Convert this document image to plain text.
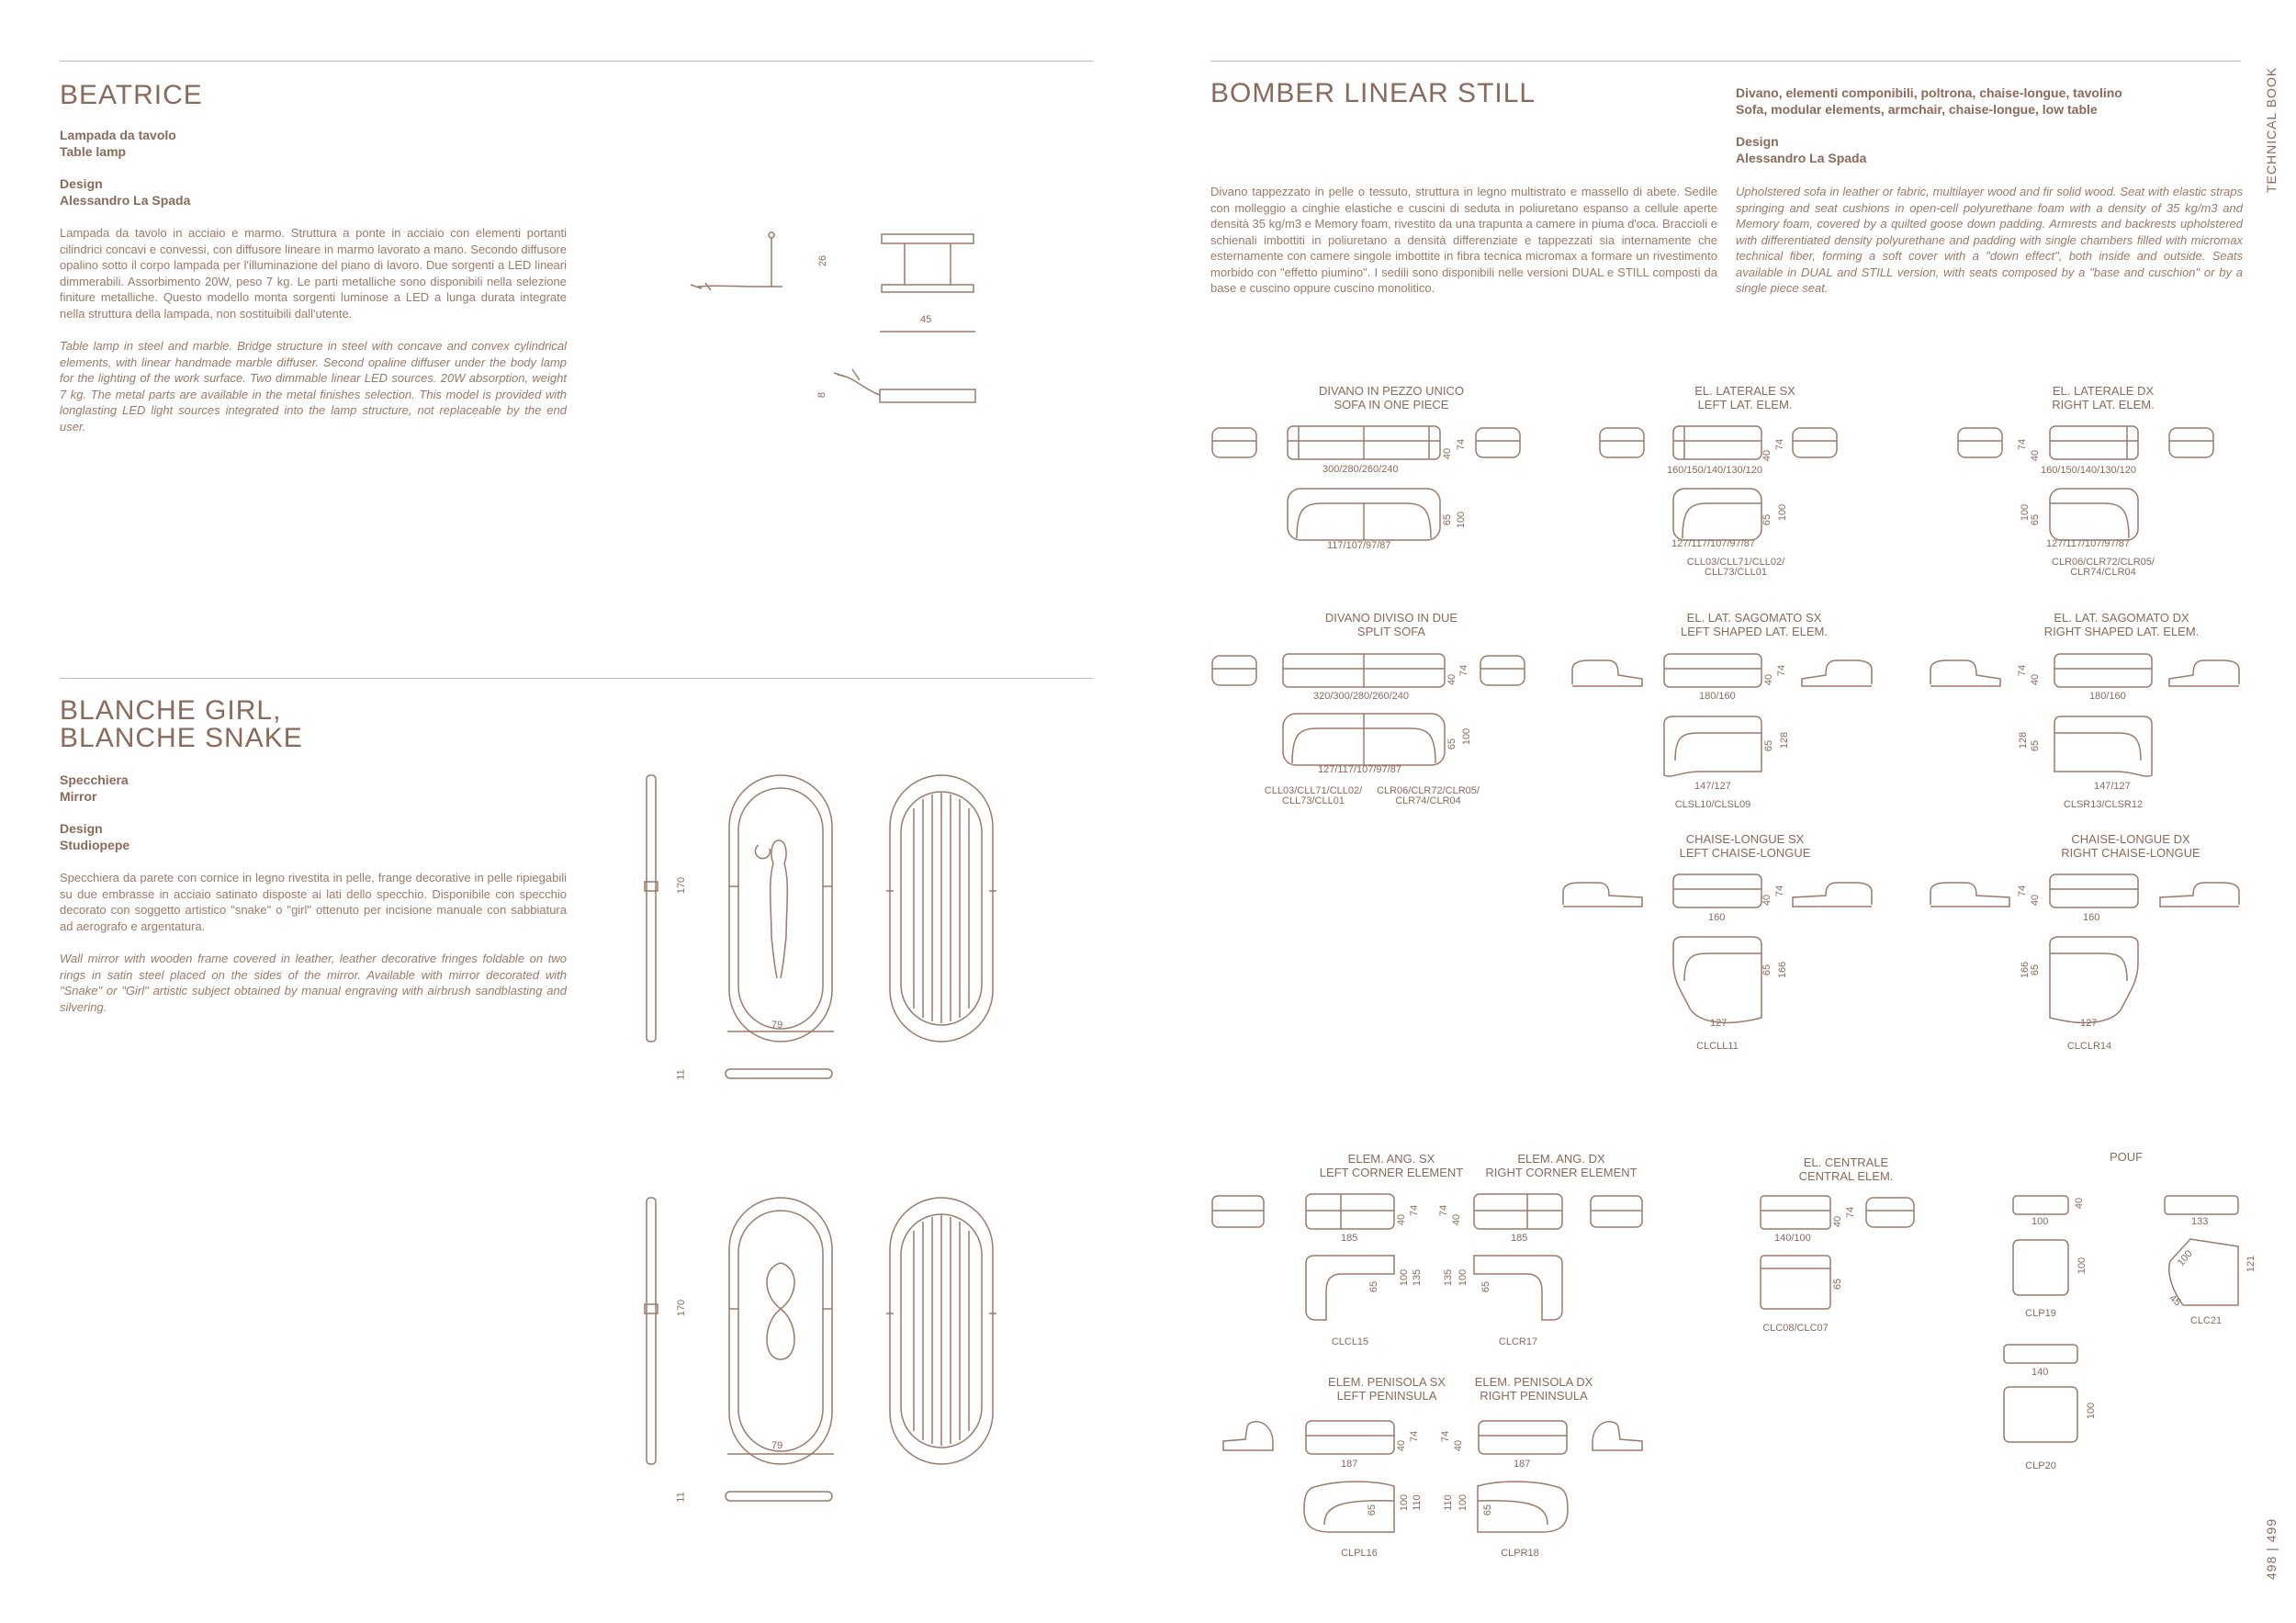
TECHNICAL BOOK
498 | 499
BEATRICE
Lampada da tavolo
Table lamp
Design
Alessandro La Spada
Lampada da tavolo in acciaio e marmo. Struttura a ponte in acciaio con elementi portanti cilindrici concavi e convessi, con diffusore lineare in marmo lavorato a mano. Secondo diffusore opalino sotto il corpo lampada per l'illuminazione del piano di lavoro. Due sorgenti a LED lineari dimmerabili. Assorbimento 20W, peso 7 kg. Le parti metalliche sono disponibili nella selezione finiture metalliche. Questo modello monta sorgenti luminose a LED a lunga durata integrate nella struttura della lampada, non sostituibili dall'utente.
Table lamp in steel and marble. Bridge structure in steel with concave and convex cylindrical elements, with linear handmade marble diffuser. Second opaline diffuser under the body lamp for the lighting of the work surface. Two dimmable linear LED sources. 20W absorption, weight 7 kg. The metal parts are available in the metal finishes selection. This model is provided with longlasting LED light sources integrated into the lamp structure, not replaceable by the end user.
26
45
8
BLANCHE GIRL,
BLANCHE SNAKE
Specchiera
Mirror
Design
Studiopepe
Specchiera da parete con cornice in legno rivestita in pelle, frange decorative in pelle ripiegabili su due embrasse in acciaio satinato disposte ai lati dello specchio. Disponibile con specchio decorato con soggetto artistico "snake" o "girl" ottenuto per incisione manuale con sabbiatura ad aerografo e argentatura.
Wall mirror with wooden frame covered in leather, leather decorative fringes foldable on two rings in satin steel placed on the sides of the mirror. Available with mirror decorated with "Snake" or "Girl" artistic subject obtained by manual engraving with airbrush sandblasting and silvering.
170
79
11
170
79
11
BOMBER LINEAR STILL	Divano, elementi componibili, poltrona, chaise-longue, tavolino
Sofa, modular elements, armchair, chaise-longue, low table
Design
Alessandro La Spada
Divano tappezzato in pelle o tessuto, struttura in legno multistrato e massello di abete. Sedile con molleggio a cinghie elastiche e cuscini di seduta in poliuretano espanso a cellule aperte densità 35 kg/m3 e Memory foam, rivestito da una trapunta a camere in piuma d'oca. Braccioli e schienali imbottiti in poliuretano a densità differenziate e tappezzati sia internamente che esternamente con camere singole imbottite in fibra tecnica micromax a formare un rivestimento morbido con "effetto piumino". I sedili sono disponibili nelle versioni DUAL e STILL composti da base e cuscino oppure cuscino monolitico.
Upholstered sofa in leather or fabric, multilayer wood and fir solid wood. Seat with elastic straps springing and seat cushions in open-cell polyurethane foam with a density of 35 kg/m3 and Memory foam, covered by a quilted goose down padding. Armrests and backrests upholstered with differentiated density polyurethane and padding with single chambers filled with micromax technical fiber, forming a soft cover with a "down effect", both inside and outside. Seats available in DUAL and STILL version, with seats composed by a "base and cuschion" or by a single piece seat.
DIVANO IN PEZZO UNICO
SOFA IN ONE PIECE
EL. LATERALE SX
LEFT LAT. ELEM.
EL. LATERALE DX
RIGHT LAT. ELEM.
DIVANO DIVISO IN DUE
SPLIT SOFA
EL. LAT. SAGOMATO SX
LEFT SHAPED LAT. ELEM.
EL. LAT. SAGOMATO DX
RIGHT SHAPED LAT. ELEM.
CHAISE-LONGUE SX
LEFT CHAISE-LONGUE
CHAISE-LONGUE DX
RIGHT CHAISE-LONGUE
ELEM. ANG. SX
LEFT CORNER ELEMENT
ELEM. ANG. DX
RIGHT CORNER ELEMENT
EL. CENTRALE
CENTRAL ELEM.
POUF
ELEM. PENISOLA SX
LEFT PENINSULA
ELEM. PENISOLA DX
RIGHT PENINSULA
300/280/260/240
117/107/97/87
40
74
65 100
160/150/140/130/120
127/117/107/97/87
40
74
65 100
CLL03/CLL71/CLL02/
CLL73/CLL01
160/150/140/130/120
127/117/107/97/87
40
74
65
100
CLR06/CLR72/CLR05/
CLR74/CLR04
320/300/280/260/240
127/117/107/97/87
40
74
65 100
CLL03/CLL71/CLL02/
CLL73/CLL01
CLR06/CLR72/CLR05/
CLR74/CLR04
180/160
147/127
40
74
65 128
CLSL10/CLSL09
180/160
147/127
40
74
65
128
CLSR13/CLSR12
160
127
40
74
65 166
CLCLL11
160
127
40
74
65
166
CLCLR14
185
40
74
65
100 135
CLCL15
185
40
74
65
100
135
CLCR17
140/100
40
74
65
CLC08/CLC07
100
40
133
100	121
100
45
CLP19
CLC21
140
100
CLP20
187
40
74
65 100 110
CLPL16
187
40
74
65
100
110
CLPR18
